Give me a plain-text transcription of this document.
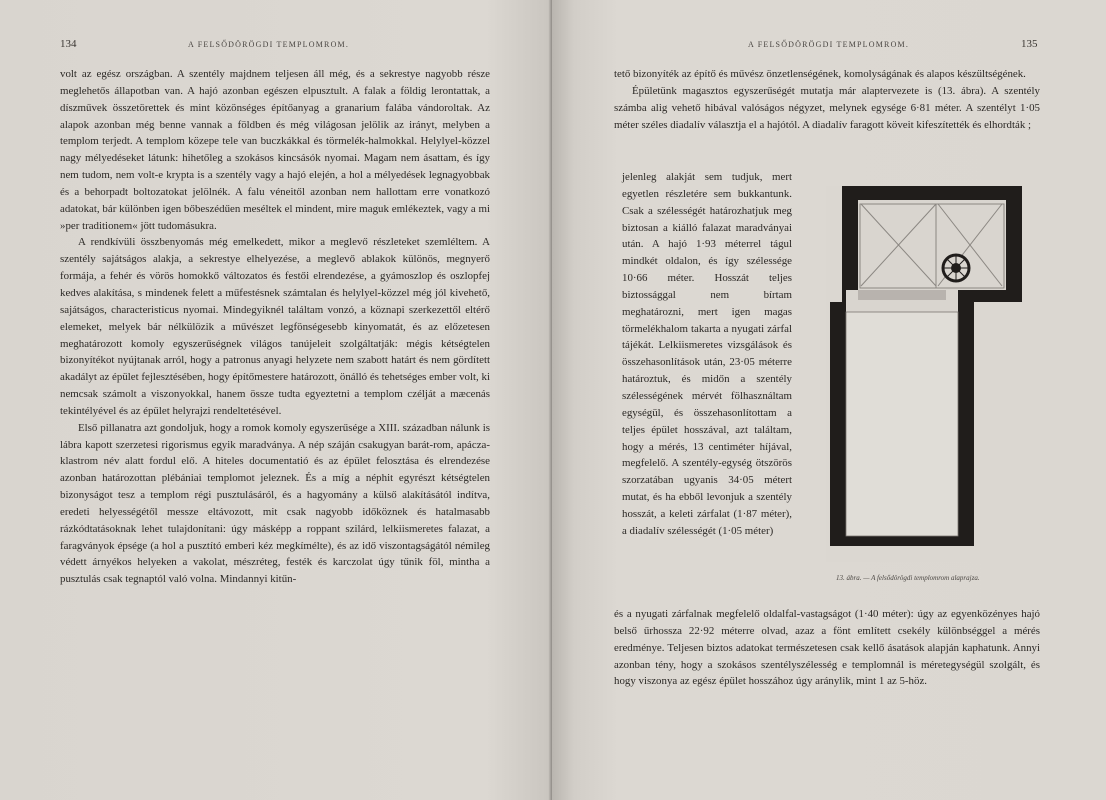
134	A FELSŐDÖRÖGDI TEMPLOMROM.

volt az egész országban. A szentély majdnem teljesen áll még, és a sekrestye nagyobb része meglehetős állapotban van. A hajó azonban egészen elpusztult. A falak a földig lerontattak, a díszművek összetörettek és mint közönséges építőanyag a granarium falába vándoroltak. Az alapok azonban még benne vannak a földben és még világosan jelölik az irányt, melyben a templom terjedt. A templom közepe tele van buczkákkal és törmelék-halmokkal. Helylyel-közzel nagy mélyedéseket látunk: hihetőleg a szokásos kincsásók nyomai. Magam nem ásattam, és így nem tudom, nem volt-e krypta is a szentély vagy a hajó elején, a hol a mélyedések legnagyobbak és a behorpadt boltozatokat jelölnék. A falu véneitől azonban nem hallottam erre vonatkozó adatokat, bár különben igen bőbeszédűen meséltek el mindent, mire maguk emlékeztek, vagy a mi »per traditionem« jött tudomásukra.

A rendkívüli összbenyomás még emelkedett, mikor a meglevő részleteket szemléltem. A szentély sajátságos alakja, a sekrestye elhelyezése, a meglevő ablakok különös, megnyerő formája, a fehér és vörös homokkő változatos és festői elrendezése, a gyámoszlop és oszlopfej kedves alakítása, s mindenek felett a műfestésnek számtalan és helylyel-közzel még jól kivehető, sajátságos, characteristicus nyomai. Mindegyiknél találtam vonzó, a köznapi szerkezettől eltérő elemeket, melyek bár nélkülözik a művészet legfönségesebb kinyomatát, és az előzetesen meghatározott komoly egyszerűségnek világos tanújeleit szolgáltatják: mégis kétségtelen bizonyítékot nyújtanak arról, hogy a patronus anyagi helyzete nem szabott határt és nem gördített akadályt az épület fejlesztésében, hogy építőmestere határozott, önálló és tehetséges ember volt, ki nemcsak számolt a viszonyokkal, hanem össze tudta egyeztetni a templom czélját a mæcenás tekintélyével és az épület helyrajzi rendeltetésével.

Első pillanatra azt gondoljuk, hogy a romok komoly egyszerűsége a XIII. században nálunk is lábra kapott szerzetesi rigorismus egyik maradványa. A nép száján csakugyan barát-rom, apácza-klastrom név alatt fordul elő. A hiteles documentatió és az épület felosztása és elrendezése azonban határozottan plébániai templomot jeleznek. És a míg a néphit egyrészt kétségtelen bizonyságot tesz a templom régi pusztulásáról, és a hagyomány a külső alakításától indítva, eredeti helyességétől messze eltávozott, mit csak nagyobb időköznek és hatalmasabb rázkódtatásoknak lehet tulajdonítani: úgy másképp a roppant szilárd, lelkiismeretes falazat, a faragványok épsége (a hol a pusztító emberi kéz megkímélte), és az idő viszontagságától némileg védett árnyékos helyeken a vakolat, mészréteg, festék és karczolat úgy tűnik föl, mintha a pusztulás csak tegnaptól való volna. Mindannyi kitűn-

A FELSŐDÖRÖGDI TEMPLOMROM.	135

tető bizonyíték az építő és művész önzetlenségének, komolyságának és alapos készültségének.

Épületünk magasztos egyszerűségét mutatja már alaptervezete is (13. ábra). A szentély számba alig vehető hibával valóságos négyzet, melynek egysége 6·81 méter. A szentélyt 1·05 méter széles diadalív választja el a hajótól. A diadalív faragott köveit kifeszítették és elhordták ;

jelenleg alakját sem tudjuk, mert egyetlen részletére sem bukkantunk. Csak a szélességét határozhatjuk meg biztosan a kiálló falazat maradványai után. A hajó 1·93 méterrel tágul mindkét oldalon, és így szélessége 10·66 méter. Hosszát teljes biztossággal nem bírtam meghatározni, mert igen magas törmelékhalom takarta a nyugati zárfal tájékát. Lelkiismeretes vizsgálások és összehasonlítások után, 23·05 méterre határoztuk, és midőn a szentély szélességének mérvét fölhasználtam egységül, és összehasonlítottam a teljes épület hosszával, azt találtam, hogy a mérés, 13 centiméter híjával, megfelelő. A szentély-egység ötszörös szorzatában ugyanis 34·05 métert mutat, és ha ebből levonjuk a szentély hosszát, a keleti zárfalat (1·87 méter), a diadalív szélességét (1·05 méter)

13. ábra. — A felsődörögdi templomrom alaprajza.

és a nyugati zárfalnak megfelelő oldalfal-vastagságot (1·40 méter): úgy az egyenközényes hajó belső űrhossza 22·92 méterre olvad, azaz a fönt említett csekély különbséggel a mérés eredménye. Teljesen biztos adatokat természetesen csak kellő ásatások alapján kaphatunk. Annyi azonban tény, hogy a szokásos szentélyszélesség e templomnál is méretegységül szolgált, és hogy viszonya az egész épület hosszához úgy aránylik, mint 1 az 5-höz.
